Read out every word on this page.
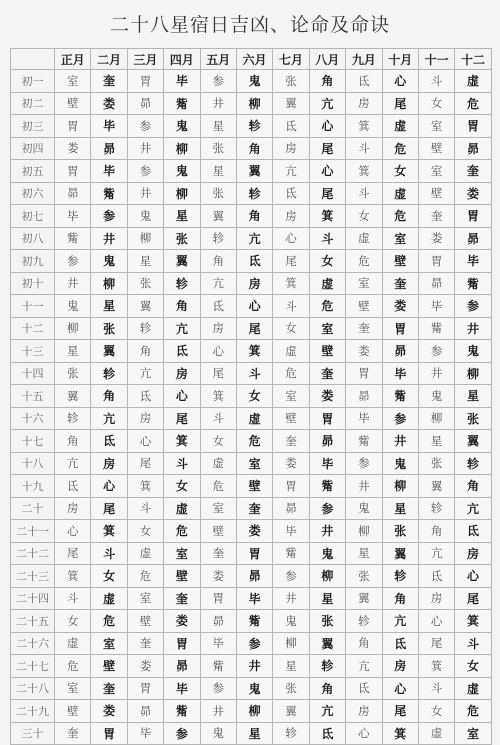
二十八星宿日吉凶、论命及命诀
	正月	二月	三月	四月	五月	六月	七月	八月	九月	十月	十一	十二
初一	室	奎	胃	毕	参	鬼	张	角	氐	心	斗	虚
初二	壁	娄	昴	觜	井	柳	翼	亢	房	尾	女	危
初三	胃	毕	参	鬼	星	轸	氐	心	箕	虚	室	胃
初四	娄	昴	井	柳	张	角	房	尾	斗	危	壁	昴
初五	胃	毕	参	鬼	星	翼	亢	心	箕	女	室	奎
初六	昴	觜	井	柳	张	轸	氐	尾	斗	虚	壁	娄
初七	毕	参	鬼	星	翼	角	房	箕	女	危	奎	胃
初八	觜	井	柳	张	轸	亢	心	斗	虚	室	娄	昴
初九	参	鬼	星	翼	角	氐	尾	女	危	壁	胃	毕
初十	井	柳	张	轸	亢	房	箕	虚	室	奎	昴	觜
十一	鬼	星	翼	角	氐	心	斗	危	壁	娄	毕	参
十二	柳	张	轸	亢	房	尾	女	室	奎	胃	觜	井
十三	星	翼	角	氐	心	箕	虚	壁	娄	昴	参	鬼
十四	张	轸	亢	房	尾	斗	危	奎	胃	毕	井	柳
十五	翼	角	氐	心	箕	女	室	娄	昴	觜	鬼	星
十六	轸	亢	房	尾	斗	虚	壁	胃	毕	参	柳	张
十七	角	氐	心	箕	女	危	奎	昴	觜	井	星	翼
十八	亢	房	尾	斗	虚	室	娄	毕	参	鬼	张	轸
十九	氐	心	箕	女	危	壁	胃	觜	井	柳	翼	角
二十	房	尾	斗	虚	室	奎	昴	参	鬼	星	轸	亢
二十一	心	箕	女	危	壁	娄	毕	井	柳	张	角	氐
二十二	尾	斗	虚	室	奎	胃	觜	鬼	星	翼	亢	房
二十三	箕	女	危	壁	娄	昴	参	柳	张	轸	氐	心
二十四	斗	虚	室	奎	胃	毕	井	星	翼	角	房	尾
二十五	女	危	壁	娄	昴	觜	鬼	张	轸	亢	心	箕
二十六	虚	室	奎	胃	毕	参	柳	翼	角	氐	尾	斗
二十七	危	壁	娄	昴	觜	井	星	轸	亢	房	箕	女
二十八	室	奎	胃	毕	参	鬼	张	角	氐	心	斗	虚
二十九	壁	娄	昴	觜	井	柳	翼	亢	房	尾	女	危
三十	奎	胃	毕	参	鬼	星	轸	氐	心	箕	虚	室
